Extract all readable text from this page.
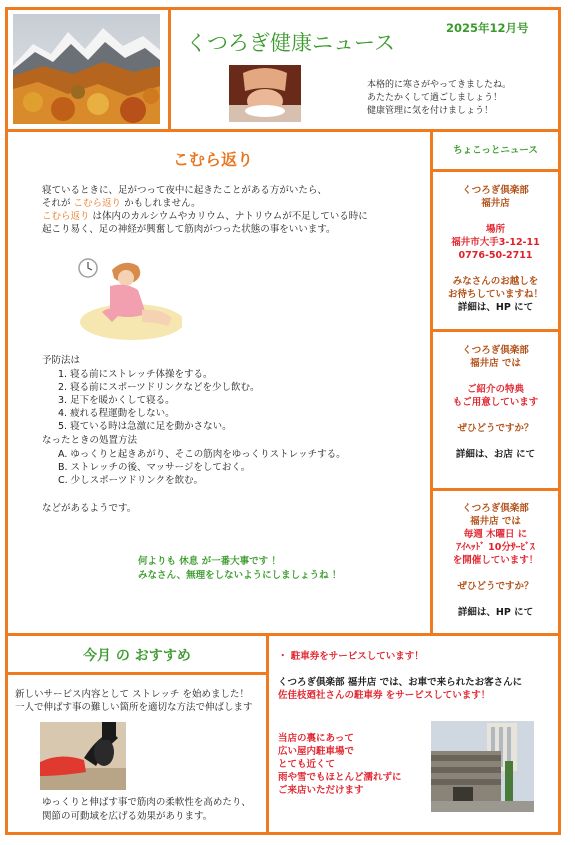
くつろぎ健康ニュース
2025年12月号
本格的に寒さがやってきましたね。
あたたかくして過ごしましょう！
健康管理に気を付けましょう！
こむら返り
寝ているときに、足がつって夜中に起きたことがある方がいたら、
それが こむら返り かもしれません。
こむら返り は体内のカルシウムやカリウム、ナトリウムが不足している時に
起こり易く、足の神経が興奮して筋肉がつった状態の事をいいます。
予防法は
1. 寝る前にストレッチ体操をする。
2. 寝る前にスポーツドリンクなどを少し飲む。
3. 足下を暖かくして寝る。
4. 疲れる程運動をしない。
5. 寝ている時は急激に足を動かさない。
なったときの処置方法
A. ゆっくりと起きあがり、そこの筋肉をゆっくりストレッチする。
B. ストレッチの後、マッサージをしておく。
C. 少しスポーツドリンクを飲む。
などがあるようです。
何よりも 休息 が一番大事です ！
みなさん、無理をしないようにしましょうね ！
ちょこっとニュース
くつろぎ倶楽部
福井店
場所
福井市大手3-12-11
0776-50-2711
みなさんのお越しを
お待ちしていますね！
詳細は、HP にて
くつろぎ倶楽部
福井店 では
ご紹介の特典
もご用意しています
ぜひどうですか？
詳細は、お店 にて
くつろぎ倶楽部
福井店 では
毎週 木曜日 に
ｱｲﾍｯﾄﾞ 10分ｻｰﾋﾞｽ
を開催しています！
ぜひどうですか？
詳細は、HP にて
今月 の おすすめ
新しいサービス内容として ストレッチ を始めました！
一人で伸ばす事の難しい箇所を適切な方法で伸ばします
ゆっくりと伸ばす事で筋肉の柔軟性を高めたり、
関節の可動域を広げる効果があります。
・ 駐車券をサービスしています！
くつろぎ倶楽部 福井店 では、お車で来られたお客さんに
佐佳枝廼社さんの駐車券 をサービスしています！
当店の裏にあって
広い屋内駐車場で
とても近くて
雨や雪でもほとんど濡れずに
ご来店いただけます
